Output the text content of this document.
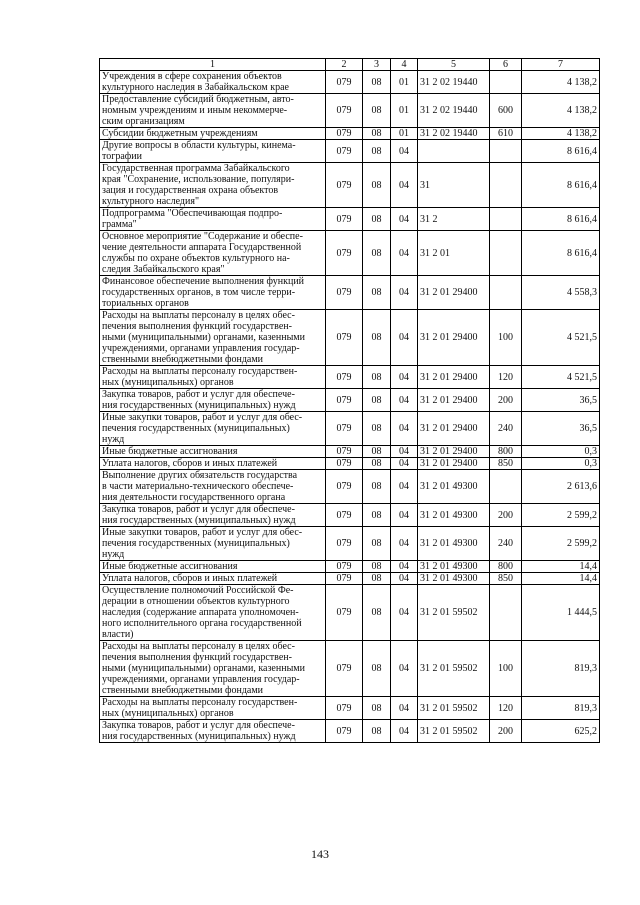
1	2	3	4	5	6	7
Учреждения в сфере сохранения объектов
культурного наследия в Забайкальском крае	079	08	01	31 2 02 19440		4 138,2
Предоставление субсидий бюджетным, авто-
номным учреждениям и иным некоммерче-
ским организациям	079	08	01	31 2 02 19440	600	4 138,2
Субсидии бюджетным учреждениям	079	08	01	31 2 02 19440	610	4 138,2
Другие вопросы в области культуры, кинема-
тографии	079	08	04			8 616,4
Государственная программа Забайкальского
края "Сохранение, использование, популяри-
зация и государственная охрана объектов
культурного наследия"	079	08	04	31		8 616,4
Подпрограмма "Обеспечивающая подпро-
грамма"	079	08	04	31 2		8 616,4
Основное мероприятие "Содержание и обеспе-
чение деятельности аппарата Государственной
службы по охране объектов культурного на-
следия Забайкальского края"	079	08	04	31 2 01		8 616,4
Финансовое обеспечение выполнения функций
государственных органов, в том числе терри-
ториальных органов	079	08	04	31 2 01 29400		4 558,3
Расходы на выплаты персоналу в целях обес-
печения выполнения функций государствен-
ными (муниципальными) органами, казенными
учреждениями, органами управления государ-
ственными внебюджетными фондами	079	08	04	31 2 01 29400	100	4 521,5
Расходы на выплаты персоналу государствен-
ных (муниципальных) органов	079	08	04	31 2 01 29400	120	4 521,5
Закупка товаров, работ и услуг для обеспече-
ния государственных (муниципальных) нужд	079	08	04	31 2 01 29400	200	36,5
Иные закупки товаров, работ и услуг для обес-
печения государственных (муниципальных)
нужд	079	08	04	31 2 01 29400	240	36,5
Иные бюджетные ассигнования	079	08	04	31 2 01 29400	800	0,3
Уплата налогов, сборов и иных платежей	079	08	04	31 2 01 29400	850	0,3
Выполнение других обязательств государства
в части материально-технического обеспече-
ния деятельности государственного органа	079	08	04	31 2 01 49300		2 613,6
Закупка товаров, работ и услуг для обеспече-
ния государственных (муниципальных) нужд	079	08	04	31 2 01 49300	200	2 599,2
Иные закупки товаров, работ и услуг для обес-
печения государственных (муниципальных)
нужд	079	08	04	31 2 01 49300	240	2 599,2
Иные бюджетные ассигнования	079	08	04	31 2 01 49300	800	14,4
Уплата налогов, сборов и иных платежей	079	08	04	31 2 01 49300	850	14,4
Осуществление полномочий Российской Фе-
дерации в отношении объектов культурного
наследия (содержание аппарата уполномочен-
ного исполнительного органа государственной
власти)	079	08	04	31 2 01 59502		1 444,5
Расходы на выплаты персоналу в целях обес-
печения выполнения функций государствен-
ными (муниципальными) органами, казенными
учреждениями, органами управления государ-
ственными внебюджетными фондами	079	08	04	31 2 01 59502	100	819,3
Расходы на выплаты персоналу государствен-
ных (муниципальных) органов	079	08	04	31 2 01 59502	120	819,3
Закупка товаров, работ и услуг для обеспече-
ния государственных (муниципальных) нужд	079	08	04	31 2 01 59502	200	625,2
143
